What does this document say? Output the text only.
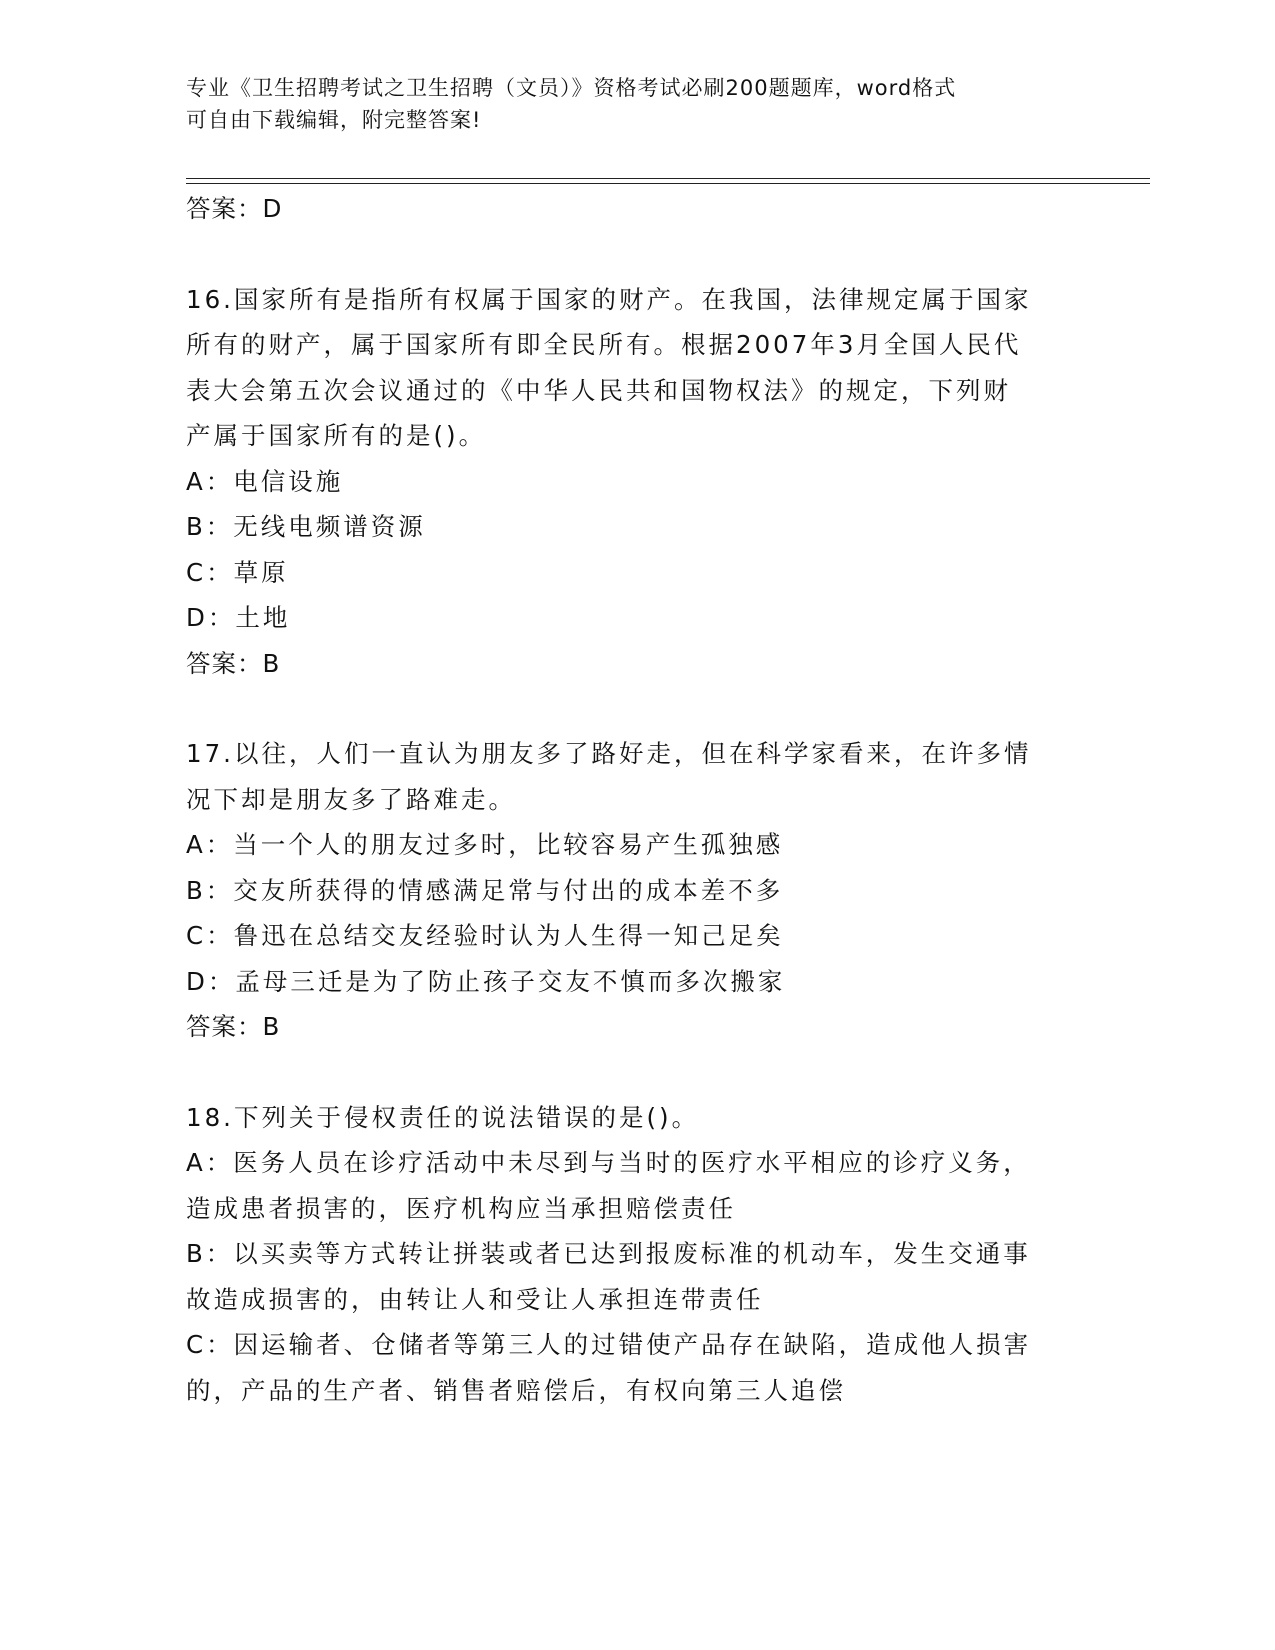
专业《卫生招聘考试之卫生招聘（文员）》资格考试必刷200题题库，word格式
可自由下载编辑，附完整答案!
答案：D
16.国家所有是指所有权属于国家的财产。在我国，法律规定属于国家
所有的财产，属于国家所有即全民所有。根据2007年3月全国人民代
表大会第五次会议通过的《中华人民共和国物权法》的规定，下列财
产属于国家所有的是()。
A：电信设施
B：无线电频谱资源
C：草原
D：土地
答案：B
17.以往，人们一直认为朋友多了路好走，但在科学家看来，在许多情
况下却是朋友多了路难走。
A：当一个人的朋友过多时，比较容易产生孤独感
B：交友所获得的情感满足常与付出的成本差不多
C：鲁迅在总结交友经验时认为人生得一知己足矣
D：孟母三迁是为了防止孩子交友不慎而多次搬家
答案：B
18.下列关于侵权责任的说法错误的是()。
A：医务人员在诊疗活动中未尽到与当时的医疗水平相应的诊疗义务，
造成患者损害的，医疗机构应当承担赔偿责任
B：以买卖等方式转让拼装或者已达到报废标准的机动车，发生交通事
故造成损害的，由转让人和受让人承担连带责任
C：因运输者、仓储者等第三人的过错使产品存在缺陷，造成他人损害
的，产品的生产者、销售者赔偿后，有权向第三人追偿
